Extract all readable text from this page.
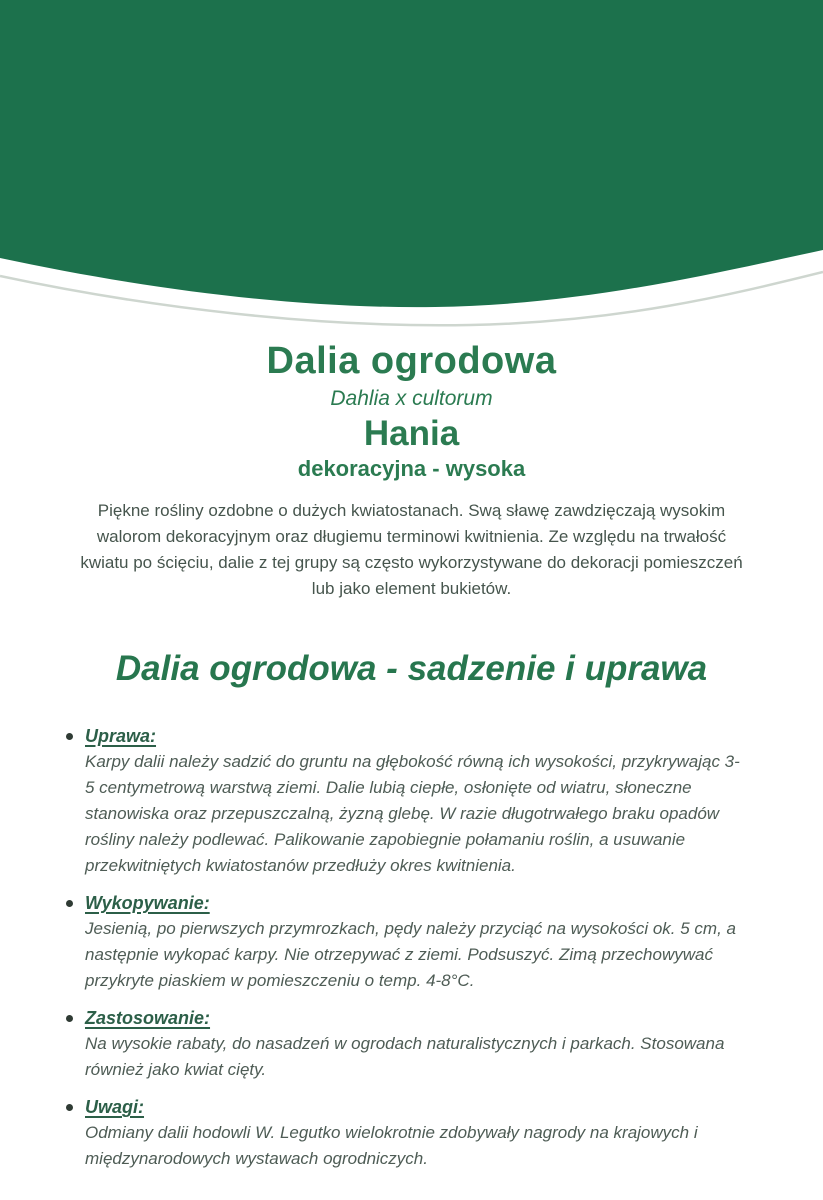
Dalia ogrodowa
Dahlia x cultorum
Hania
dekoracyjna - wysoka
Piękne rośliny ozdobne o dużych kwiatostanach. Swą sławę zawdzięczają wysokim walorom dekoracyjnym oraz długiemu terminowi kwitnienia. Ze względu na trwałość kwiatu po ścięciu, dalie z tej grupy są często wykorzystywane do dekoracji pomieszczeń lub jako element bukietów.
Dalia ogrodowa - sadzenie i uprawa
Uprawa:
Karpy dalii należy sadzić do gruntu na głębokość równą ich wysokości, przykrywając 3-5 centymetrową warstwą ziemi. Dalie lubią ciepłe, osłonięte od wiatru, słoneczne stanowiska oraz przepuszczalną, żyzną glebę. W razie długotrwałego braku opadów rośliny należy podlewać. Palikowanie zapobiegnie połamaniu roślin, a usuwanie przekwitniętych kwiatostanów przedłuży okres kwitnienia.
Wykopywanie:
Jesienią, po pierwszych przymrozkach, pędy należy przyciąć na wysokości ok. 5 cm, a następnie wykopać karpy. Nie otrzepywać z ziemi. Podsuszyć. Zimą przechowywać przykryte piaskiem w pomieszczeniu o temp. 4-8°C.
Zastosowanie:
Na wysokie rabaty, do nasadzeń w ogrodach naturalistycznych i parkach. Stosowana również jako kwiat cięty.
Uwagi:
Odmiany dalii hodowli W. Legutko wielokrotnie zdobywały nagrody na krajowych i międzynarodowych wystawach ogrodniczych.
